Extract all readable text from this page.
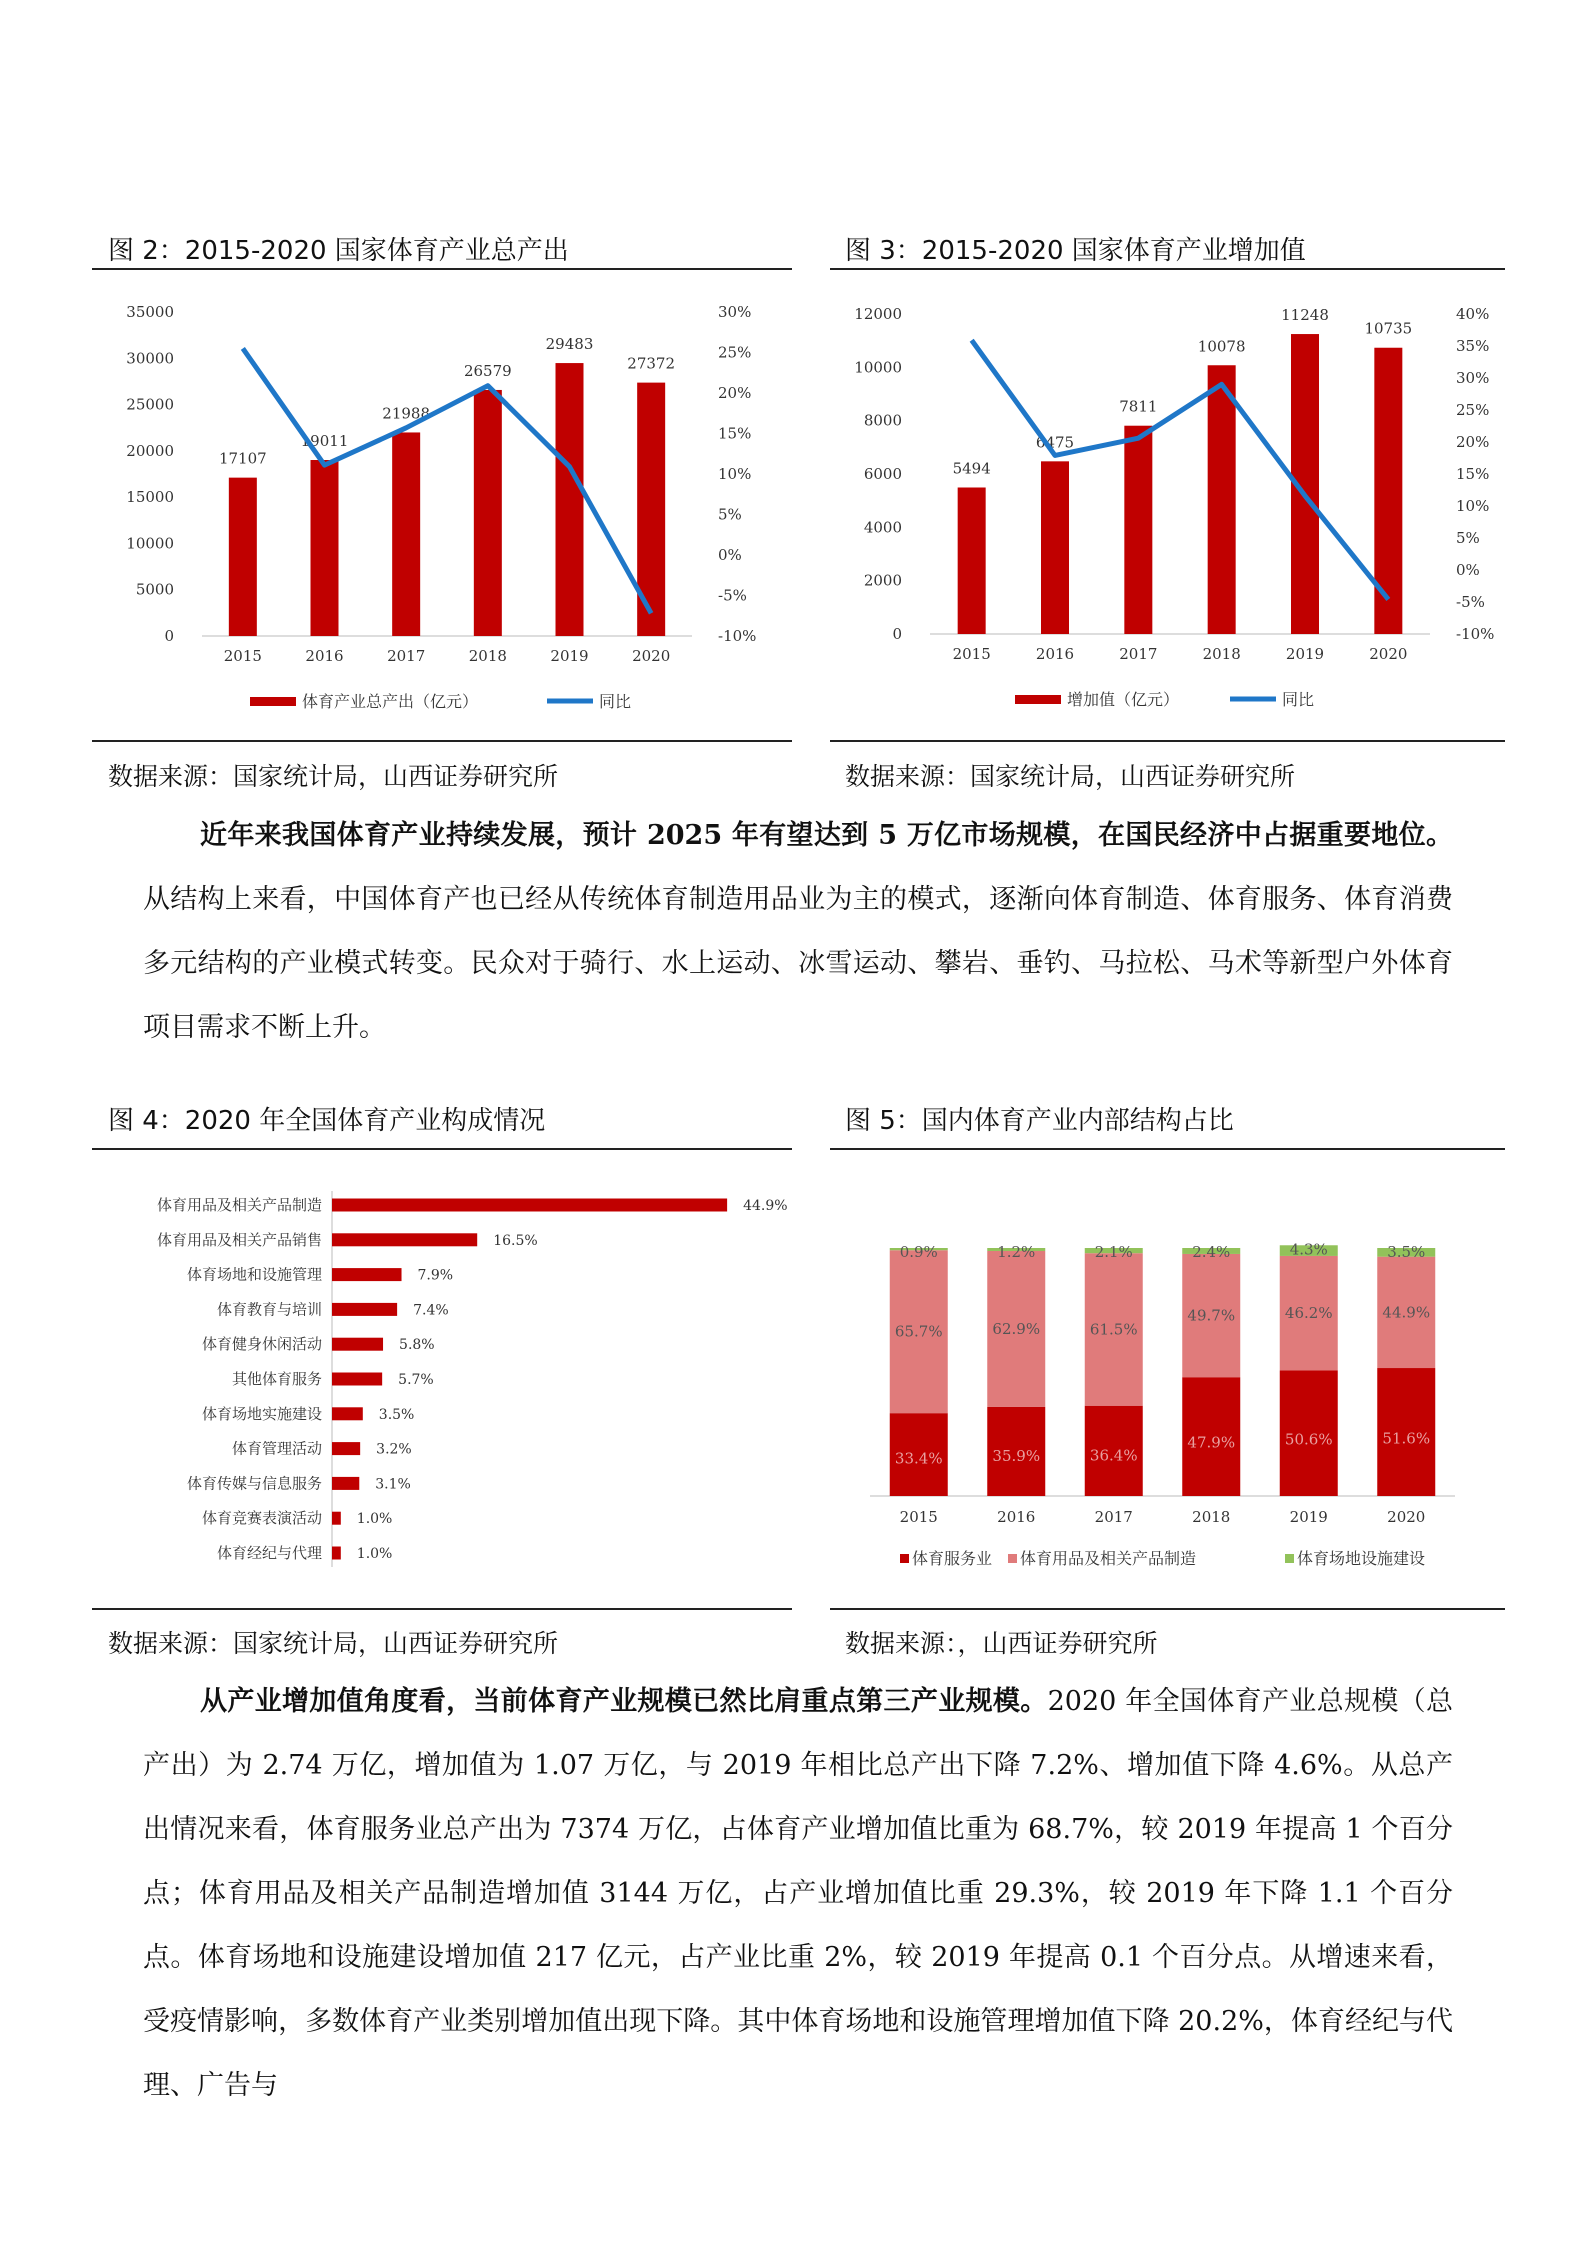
图 2：2015-2020 国家体育产业总产出
0
5000
10000
15000
20000
25000
30000
35000
-10%
-5%
0%
5%
10%
15%
20%
25%
30%
17107
2015
19011
2016
21988
2017
26579
2018
29483
2019
27372
2020
体育产业总产出（亿元）	同比
数据来源：国家统计局，山西证券研究所
图 3：2015-2020 国家体育产业增加值
0
2000
4000
6000
8000
10000
12000
-10%
-5%
0%
5%
10%
15%
20%
25%
30%
35%
40%
5494
2015
6475
2016
7811
2017
10078
2018
11248
2019
10735
2020
增加值（亿元）	同比
数据来源：国家统计局，山西证券研究所
近年来我国体育产业持续发展，预计 2025 年有望达到 5 万亿市场规模，在国民经济中占据重要地位。从结构上来看，中国体育产也已经从传统体育制造用品业为主的模式，逐渐向体育制造、体育服务、体育消费多元结构的产业模式转变。民众对于骑行、水上运动、冰雪运动、攀岩、垂钓、马拉松、马术等新型户外体育项目需求不断上升。
图 4：2020 年全国体育产业构成情况
体育用品及相关产品制造	44.9%
体育用品及相关产品销售	16.5%
体育场地和设施管理	7.9%
体育教育与培训	7.4%
体育健身休闲活动	5.8%
其他体育服务	5.7%
体育场地实施建设	3.5%
体育管理活动	3.2%
体育传媒与信息服务	3.1%
体育竞赛表演活动 1.0%
体育经纪与代理 1.0%
数据来源：国家统计局，山西证券研究所
图 5：国内体育产业内部结构占比
33.4%
65.7%
0.9%
2015
35.9%
62.9%
1.2%
2016
36.4%
61.5%
2.1%
2017
47.9%
49.7%
2.4%
2018
50.6%
46.2%
4.3%
2019
51.6%
44.9%
3.5%
2020
体育服务业 体育用品及相关产品制造	体育场地设施建设
数据来源：，山西证券研究所
从产业增加值角度看，当前体育产业规模已然比肩重点第三产业规模。2020 年全国体育产业总规模（总产出）为 2.74 万亿，增加值为 1.07 万亿，与 2019 年相比总产出下降 7.2%、增加值下降 4.6%。从总产出情况来看，体育服务业总产出为 7374 万亿，占体育产业增加值比重为 68.7%，较 2019 年提高 1 个百分点；体育用品及相关产品制造增加值 3144 万亿，占产业增加值比重 29.3%，较 2019 年下降 1.1 个百分点。体育场地和设施建设增加值 217 亿元，占产业比重 2%，较 2019 年提高 0.1 个百分点。从增速来看，受疫情影响，多数体育产业类别增加值出现下降。其中体育场地和设施管理增加值下降 20.2%，体育经纪与代理、广告与
